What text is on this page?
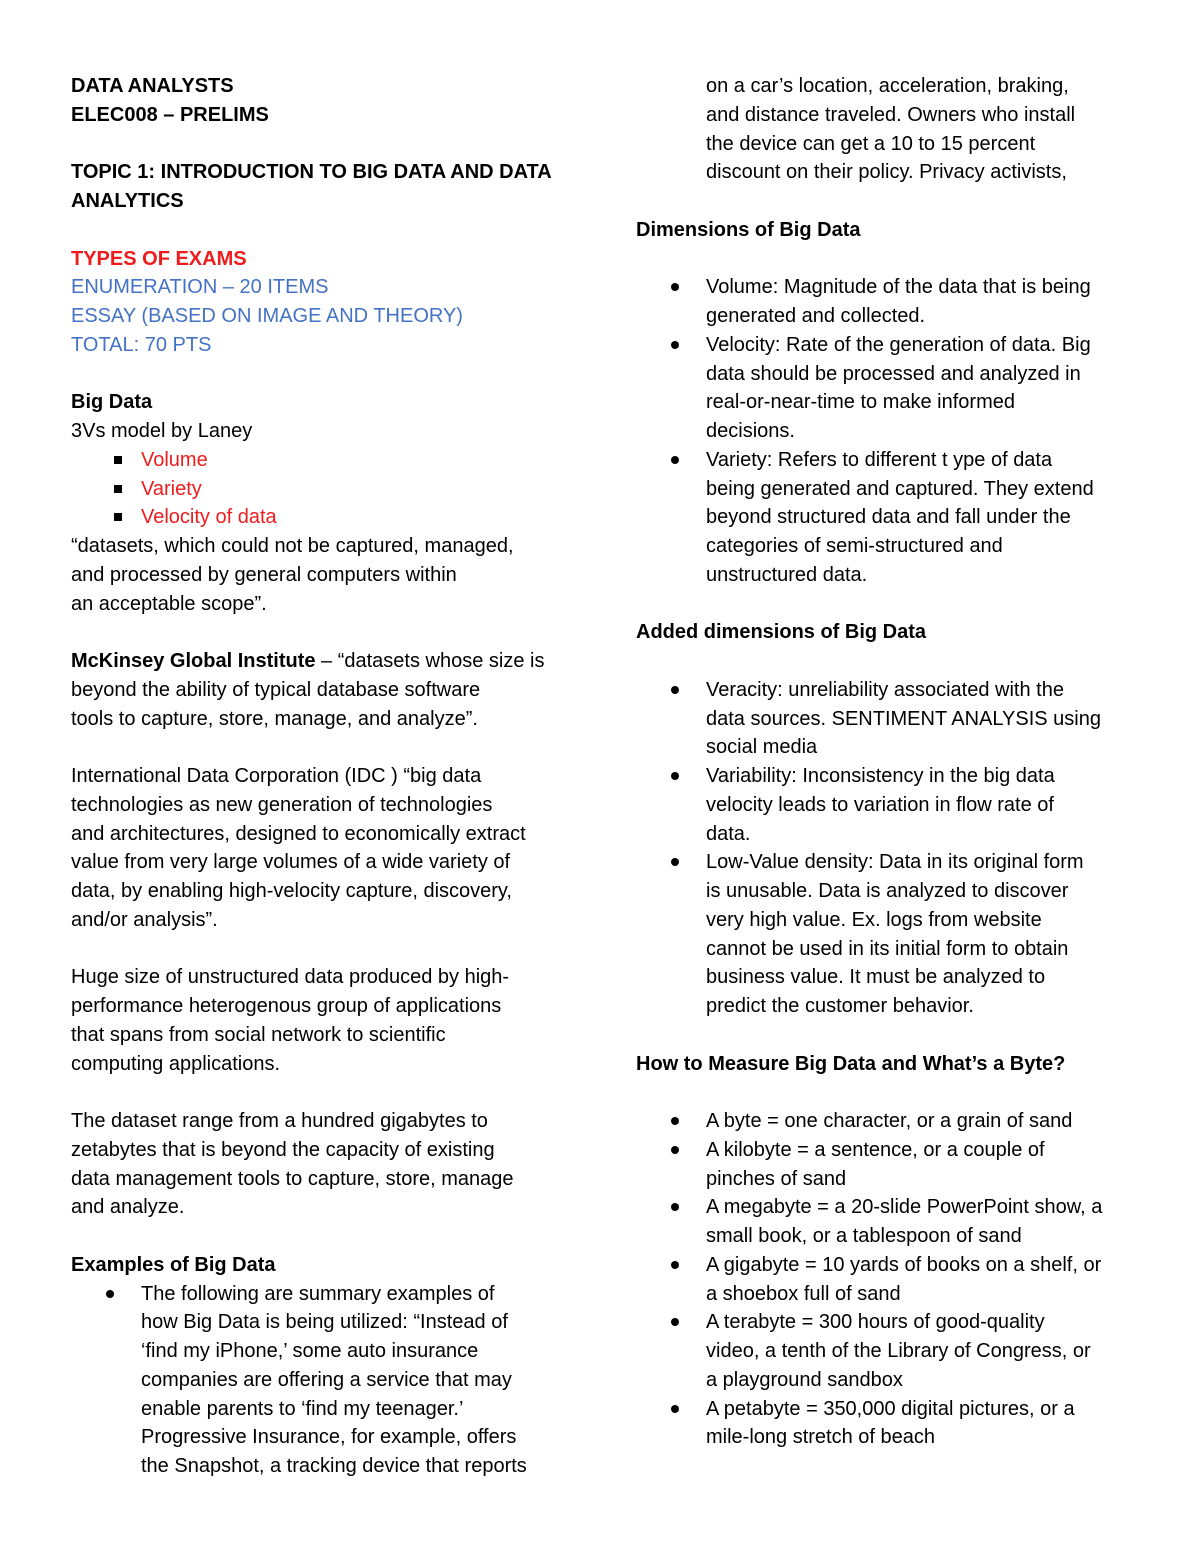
DATA ANALYSTS

ELEC008 – PRELIMS

TOPIC 1: INTRODUCTION TO BIG DATA AND DATA
ANALYTICS

TYPES OF EXAMS

ENUMERATION – 20 ITEMS

ESSAY (BASED ON IMAGE AND THEORY)

TOTAL: 70 PTS

Big Data

3Vs model by Laney

Volume
Variety
Velocity of data

“datasets, which could not be captured, managed,
and processed by general computers within
an acceptable scope”.

McKinsey Global Institute – “datasets whose size is
beyond the ability of typical database software
tools to capture, store, manage, and analyze”.

International Data Corporation (IDC ) “big data
technologies as new generation of technologies
and architectures, designed to economically extract
value from very large volumes of a wide variety of
data, by enabling high-velocity capture, discovery,
and/or analysis”.

Huge size of unstructured data produced by high-
performance heterogenous group of applications
that spans from social network to scientific
computing applications.

The dataset range from a hundred gigabytes to
zetabytes that is beyond the capacity of existing
data management tools to capture, store, manage
and analyze.

Examples of Big Data

The following are summary examples of
how Big Data is being utilized: “Instead of
‘find my iPhone,’ some auto insurance
companies are offering a service that may
enable parents to ‘find my teenager.’
Progressive Insurance, for example, offers
the Snapshot, a tracking device that reports
on a car’s location, acceleration, braking,
and distance traveled. Owners who install
the device can get a 10 to 15 percent
discount on their policy. Privacy activists,

Dimensions of Big Data

Volume: Magnitude of the data that is being
generated and collected.
Velocity: Rate of the generation of data. Big
data should be processed and analyzed in
real-or-near-time to make informed
decisions.
Variety: Refers to different t ype of data
being generated and captured. They extend
beyond structured data and fall under the
categories of semi-structured and
unstructured data.

Added dimensions of Big Data

Veracity: unreliability associated with the
data sources. SENTIMENT ANALYSIS using
social media
Variability: Inconsistency in the big data
velocity leads to variation in flow rate of
data.
Low-Value density: Data in its original form
is unusable. Data is analyzed to discover
very high value. Ex. logs from website
cannot be used in its initial form to obtain
business value. It must be analyzed to
predict the customer behavior.

How to Measure Big Data and What’s a Byte?

A byte = one character, or a grain of sand
A kilobyte = a sentence, or a couple of
pinches of sand
A megabyte = a 20-slide PowerPoint show, a
small book, or a tablespoon of sand
A gigabyte = 10 yards of books on a shelf, or
a shoebox full of sand
A terabyte = 300 hours of good-quality
video, a tenth of the Library of Congress, or
a playground sandbox
A petabyte = 350,000 digital pictures, or a
mile-long stretch of beach
